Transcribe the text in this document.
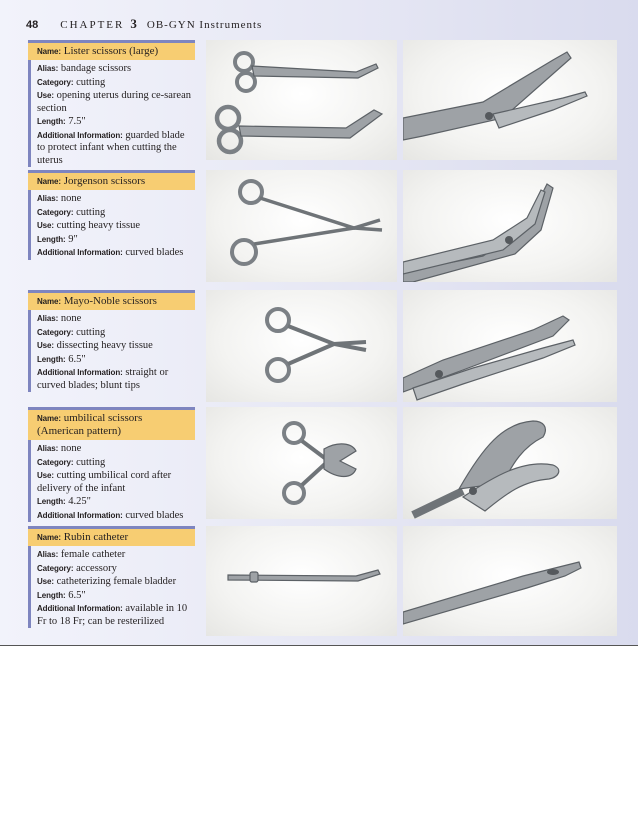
48 CHAPTER 3 OB-GYN Instruments
Name: Lister scissors (large)
Alias: bandage scissors
Category: cutting
Use: opening uterus during ce-sarean section
Length: 7.5"
Additional Information: guarded blade to protect infant when cutting the uterus
Name: Jorgenson scissors
Alias: none
Category: cutting
Use: cutting heavy tissue
Length: 9"
Additional Information: curved blades
Name: Mayo-Noble scissors
Alias: none
Category: cutting
Use: dissecting heavy tissue
Length: 6.5"
Additional Information: straight or curved blades; blunt tips
Name: umbilical scissors (American pattern)
Alias: none
Category: cutting
Use: cutting umbilical cord after delivery of the infant
Length: 4.25"
Additional Information: curved blades
Name: Rubin catheter
Alias: female catheter
Category: accessory
Use: catheterizing female bladder
Length: 6.5"
Additional Information: available in 10 Fr to 18 Fr; can be resterilized
